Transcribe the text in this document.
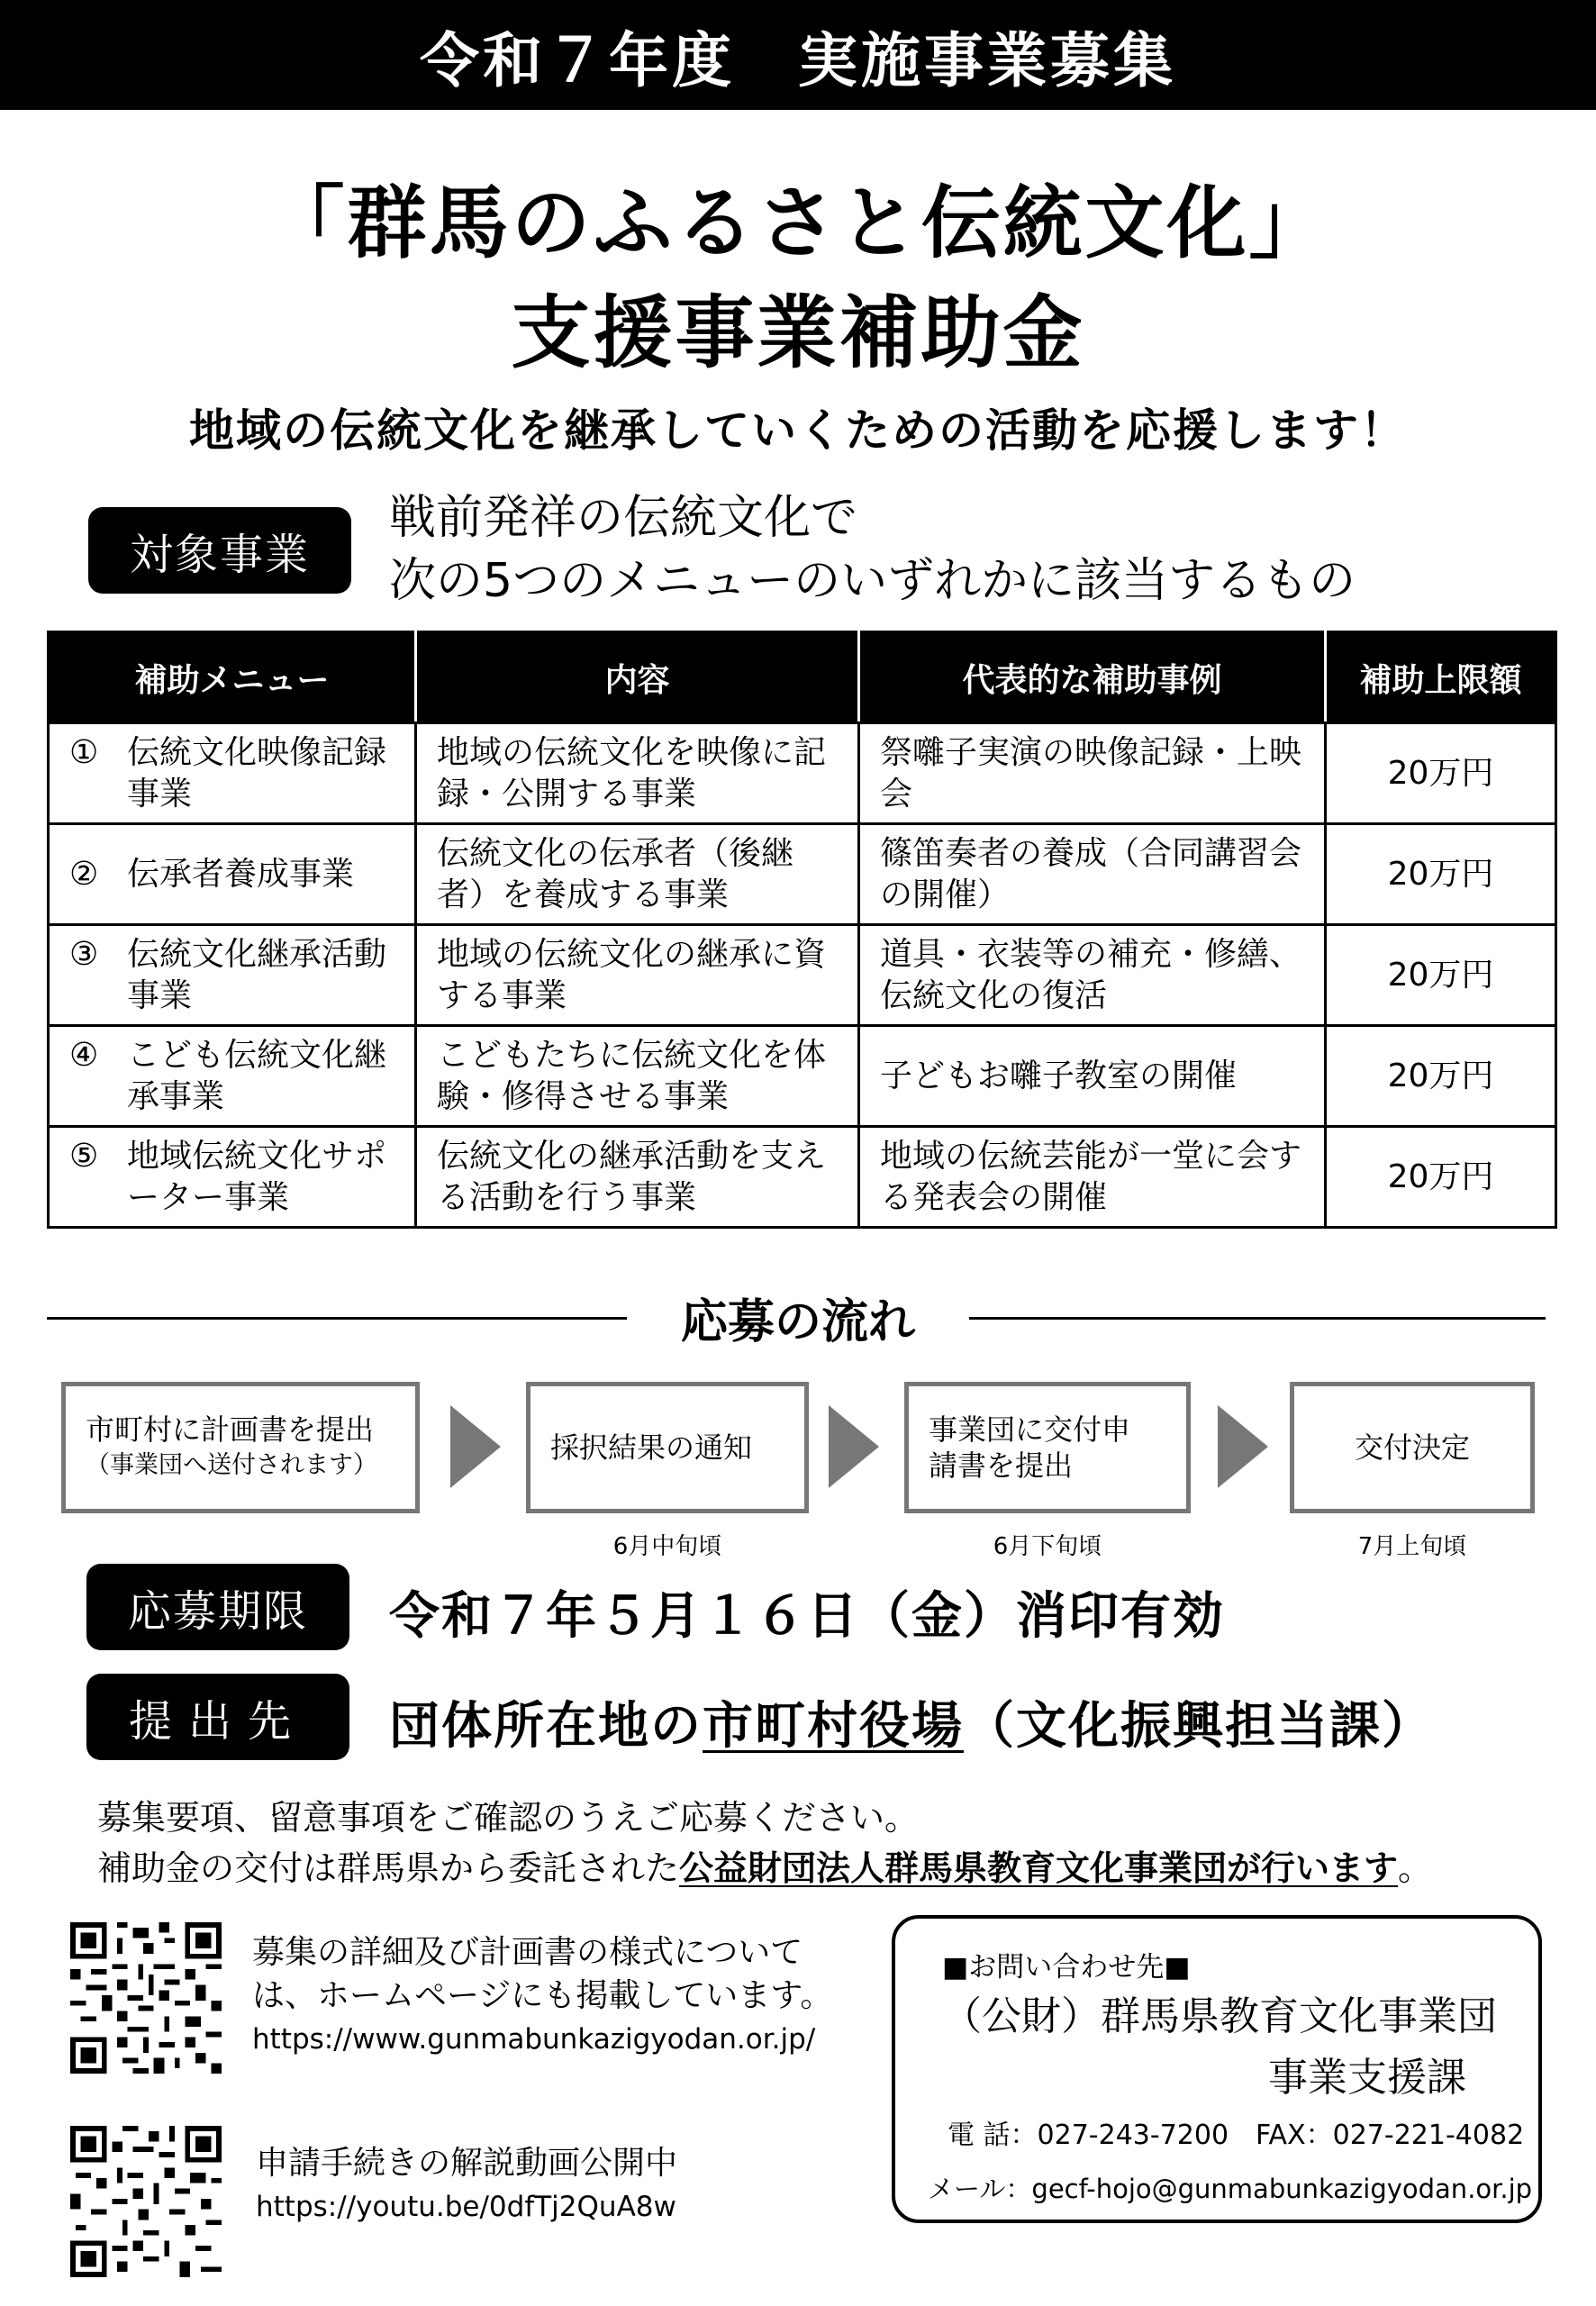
令和７年度　実施事業募集
「群馬のふるさと伝統文化」
支援事業補助金
地域の伝統文化を継承していくための活動を応援します！
対象事業
戦前発祥の伝統文化で
次の5つのメニューのいずれかに該当するもの
補助メニュー	内容	代表的な補助事例	補助上限額

① 伝統文化映像記録事業	地域の伝統文化を映像に記録・公開する事業	祭囃子実演の映像記録・上映会	20万円

② 伝承者養成事業	伝統文化の伝承者（後継者）を養成する事業	篠笛奏者の養成（合同講習会の開催）	20万円

③ 伝統文化継承活動事業	地域の伝統文化の継承に資する事業	道具・衣装等の補充・修繕、伝統文化の復活	20万円

④ こども伝統文化継承事業	こどもたちに伝統文化を体験・修得させる事業	子どもお囃子教室の開催	20万円

⑤ 地域伝統文化サポーター事業	伝統文化の継承活動を支える活動を行う事業	地域の伝統芸能が一堂に会する発表会の開催	20万円
応募の流れ
市町村に計画書を提出
（事業団へ送付されます）
採択結果の通知
事業団に交付申請書を提出
交付決定
6月中旬頃	6月下旬頃	7月上旬頃
応募期限 令和７年５月１６日（金）消印有効
提出先 団体所在地の市町村役場（文化振興担当課）
募集要項、留意事項をご確認のうえご応募ください。
補助金の交付は群馬県から委託された公益財団法人群馬県教育文化事業団が行います。
募集の詳細及び計画書の様式について
は、ホームページにも掲載しています。
https://www.gunmabunkazigyodan.or.jp/
申請手続きの解説動画公開中
https://youtu.be/0dfTj2QuA8w
■お問い合わせ先■
（公財）群馬県教育文化事業団
事業支援課
電 話：027-243-7200　FAX：027-221-4082
メール：gecf-hojo@gunmabunkazigyodan.or.jp
